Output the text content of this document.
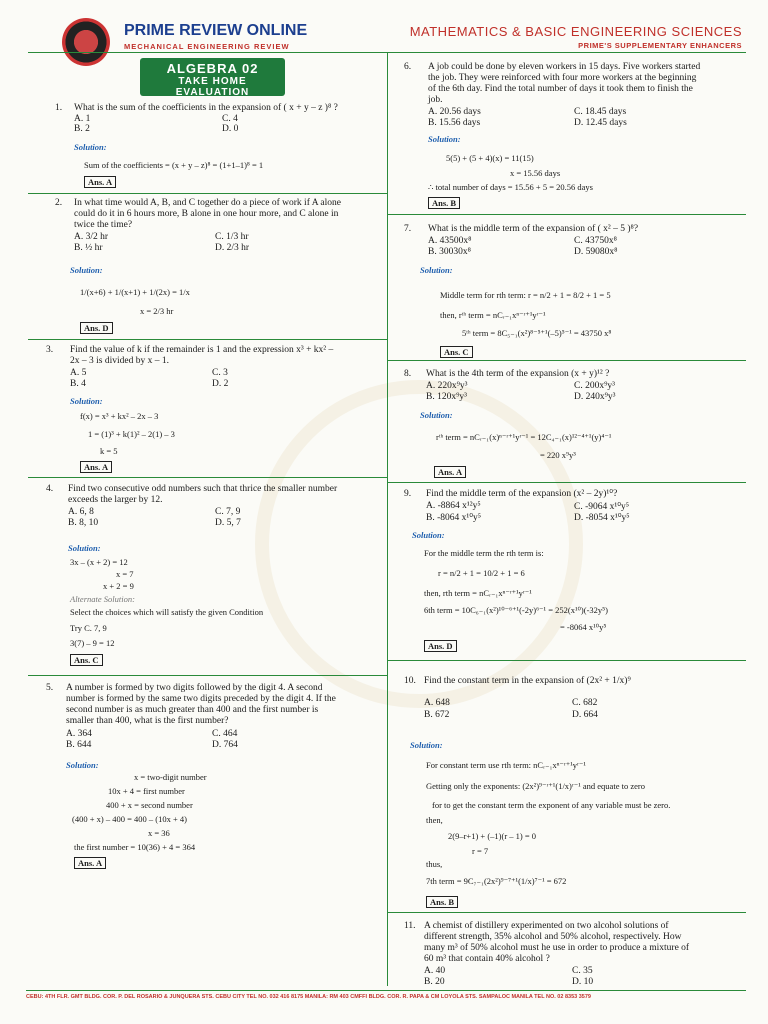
PRIME REVIEW ONLINE
MECHANICAL ENGINEERING REVIEW
MATHEMATICS & BASIC ENGINEERING SCIENCES
PRIME'S SUPPLEMENTARY ENHANCERS
ALGEBRA 02
TAKE HOME EVALUATION
1. What is the sum of the coefficients in the expansion of ( x + y – z )⁸ ?
A. 1
B. 2
C. 4
D. 0
Solution:
Sum of the coefficients = (x + y – z)⁸ = (1+1–1)⁸ = 1
Ans. A
2. In what time would A, B, and C together do a piece of work if A alone
could do it in 6 hours more, B alone in one hour more, and C alone in
twice the time?
A. 3/2 hr
B. ½ hr
C. 1/3 hr
D. 2/3 hr
Solution:
1/(x+6) + 1/(x+1) + 1/(2x) = 1/x
x = 2/3 hr
Ans. D
3. Find the value of k if the remainder is 1 and the expression x³ + kx² –
2x – 3 is divided by x – 1.
A. 5
B. 4
C. 3
D. 2
Solution:
f(x) = x³ + kx² – 2x – 3
1 = (1)³ + k(1)² – 2(1) – 3
k = 5
Ans. A
4. Find two consecutive odd numbers such that thrice the smaller number
exceeds the larger by 12.
A. 6, 8
B. 8, 10
C. 7, 9
D. 5, 7
Solution:
3x – (x + 2) = 12
x = 7
x + 2 = 9
Alternate Solution:
Select the choices which will satisfy the given Condition
Try C. 7, 9
3(7) – 9 = 12
Ans. C
5. A number is formed by two digits followed by the digit 4. A second
number is formed by the same two digits preceded by the digit 4. If the
second number is as much greater than 400 and the first number is
smaller than 400, what is the first number?
A. 364
B. 644
C. 464
D. 764
Solution:
x = two-digit number
10x + 4 = first number
400 + x = second number
(400 + x) – 400 = 400 – (10x + 4)
x = 36
the first number = 10(36) + 4 = 364
Ans. A
6. A job could be done by eleven workers in 15 days. Five workers started
the job. They were reinforced with four more workers at the beginning
of the 6th day. Find the total number of days it took them to finish the
job.
A. 20.56 days
B. 15.56 days
C. 18.45 days
D. 12.45 days
Solution:
5(5) + (5 + 4)(x) = 11(15)
x = 15.56 days
∴ total number of days = 15.56 + 5 = 20.56 days
Ans. B
7. What is the middle term of the expansion of ( x² – 5 )⁸?
A. 43500x⁸
B. 30030x⁸
C. 43750x⁸
D. 59080x⁸
Solution:
Middle term for rth term: r = n/2 + 1 = 8/2 + 1 = 5
then, rᵗʰ term = nCᵣ₋₁xⁿ⁻ʳ⁺¹yʳ⁻¹
5ᵗʰ term = 8C₅₋₁(x²)⁸⁻⁵⁺¹(–5)⁵⁻¹ = 43750 x⁸
Ans. C
8. What is the 4th term of the expansion (x + y)¹² ?
A. 220x⁹y³
B. 120x⁹y³
C. 200x⁹y³
D. 240x⁹y³
Solution:
rᵗʰ term = nCᵣ₋₁(x)ⁿ⁻ʳ⁺¹yʳ⁻¹ = 12C₄₋₁(x)¹²⁻⁴⁺¹(y)⁴⁻¹
= 220 x⁹y³
Ans. A
9. Find the middle term of the expansion (x² – 2y)¹⁰?
A. -8864 x¹²y⁵
B. -8064 x¹⁰y⁵
C. -9064 x¹⁰y⁵
D. -8054 x¹⁰y⁵
Solution:
For the middle term the rth term is:
r = n/2 + 1 = 10/2 + 1 = 6
then, rth term = nCᵣ₋₁xⁿ⁻ʳ⁺¹yʳ⁻¹
6th term = 10C₆₋₁(x²)¹⁰⁻⁶⁺¹(-2y)⁶⁻¹ = 252(x¹⁰)(-32y⁵)
= -8064 x¹⁰y⁵
Ans. D
10. Find the constant term in the expansion of (2x² + 1/x)⁹
A. 648
B. 672
C. 682
D. 664
Solution:
For constant term use rth term: nCᵣ₋₁xⁿ⁻ʳ⁺¹yʳ⁻¹
Getting only the exponents: (2x²)⁹⁻ʳ⁺¹(1/x)ʳ⁻¹ and equate to zero
for to get the constant term the exponent of any variable must be zero.
then,
2(9–r+1) + (–1)(r – 1) = 0
r = 7
thus,
7th term = 9C₇₋₁(2x²)⁹⁻⁷⁺¹(1/x)⁷⁻¹ = 672
Ans. B
11. A chemist of distillery experimented on two alcohol solutions of
different strength, 35% alcohol and 50% alcohol, respectively. How
many m³ of 50% alcohol must he use in order to produce a mixture of
60 m³ that contain 40% alcohol ?
A. 40
B. 20
C. 35
D. 10
CEBU: 4TH FLR. GMT BLDG. COR. P. DEL ROSARIO & JUNQUERA STS. CEBU CITY TEL NO. 032 416 8175 MANILA: RM 403 CMFFI BLDG. COR. R. PAPA & CM LOYOLA STS. SAMPALOC MANILA TEL NO. 02 8353 3579
